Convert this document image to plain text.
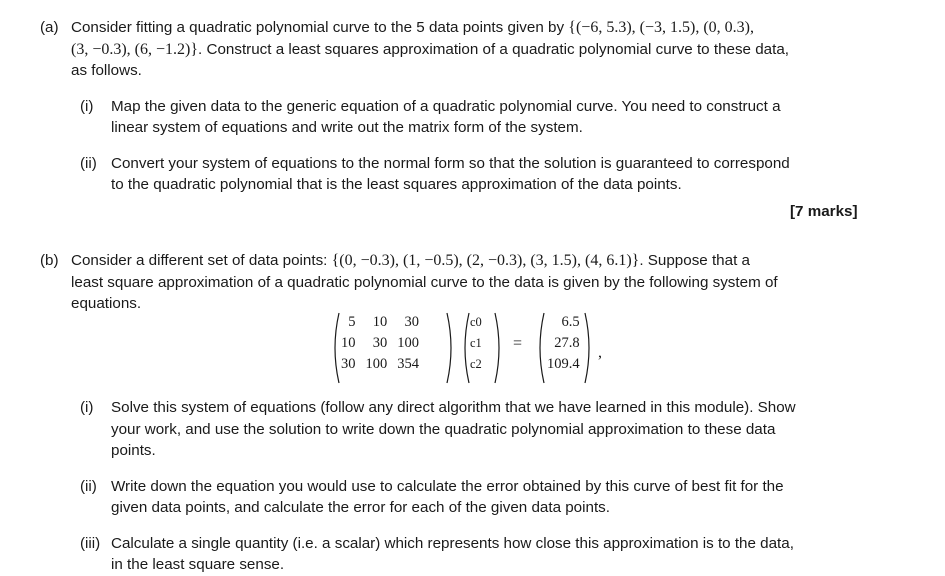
(a) Consider fitting a quadratic polynomial curve to the 5 data points given by {(−6, 5.3), (−3, 1.5), (0, 0.3),
(3, −0.3), (6, −1.2)}. Construct a least squares approximation of a quadratic polynomial curve to these data,
as follows.
(i)	Map the given data to the generic equation of a quadratic polynomial curve. You need to construct a
linear system of equations and write out the matrix form of the system.
(ii) Convert your system of equations to the normal form so that the solution is guaranteed to correspond
to the quadratic polynomial that is the least squares approximation of the data points.
[7 marks]
(b) Consider a different set of data points: {(0, −0.3), (1, −0.5), (2, −0.3), (3, 1.5), (4, 6.1)}. Suppose that a
least square approximation of a quadratic polynomial curve to the data is given by the following system of
equations.
5	10	30
10	30	100
30	100	354
c0
c1
c2
=
6.5
27.8
109.4
,
(i)	Solve this system of equations (follow any direct algorithm that we have learned in this module). Show
your work, and use the solution to write down the quadratic polynomial approximation to these data
points.
(ii) Write down the equation you would use to calculate the error obtained by this curve of best fit for the
given data points, and calculate the error for each of the given data points.
(iii) Calculate a single quantity (i.e. a scalar) which represents how close this approximation is to the data,
in the least square sense.
